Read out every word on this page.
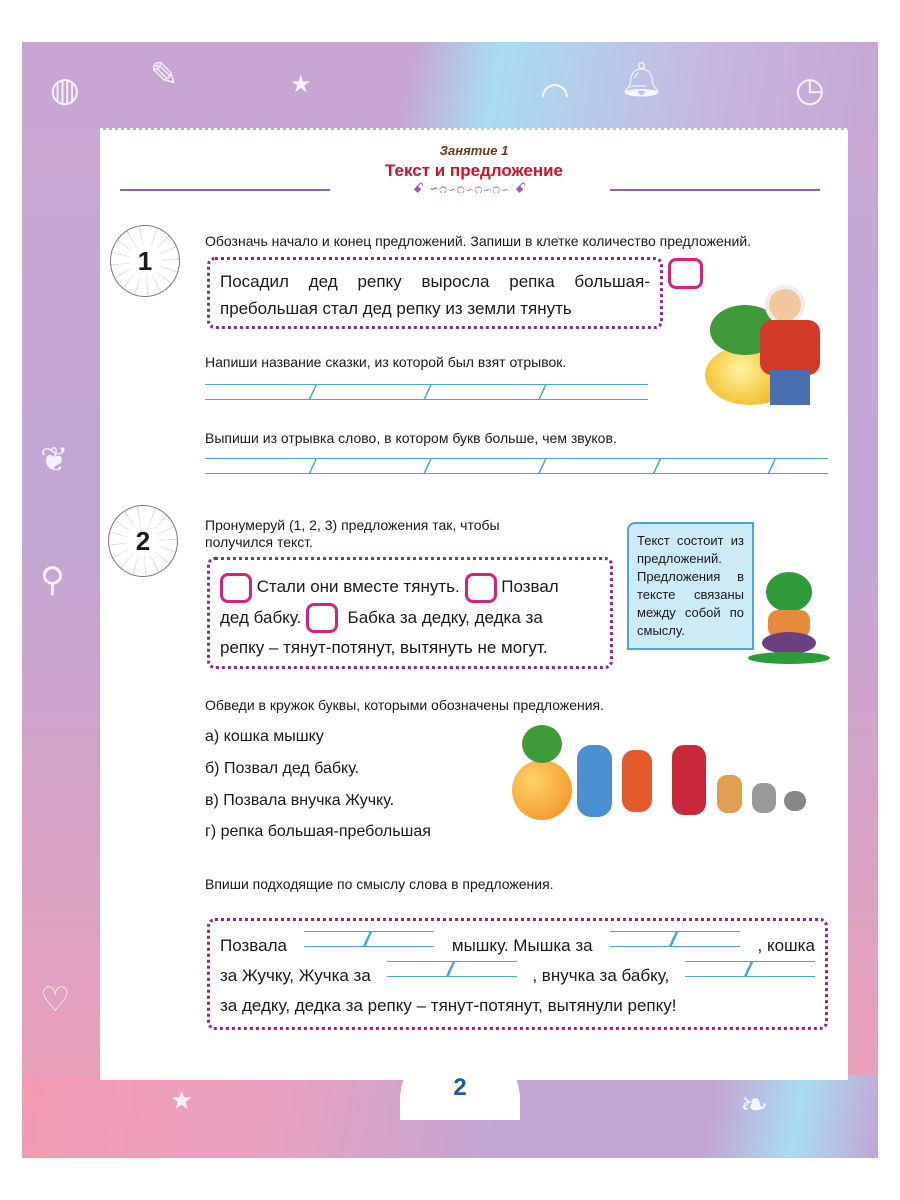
◍ ✎	★	◠ 🔔︎	◷
❦
⚲
♡
★	❧
Занятие 1
Текст и предложение
ꗃ ∽೧∽೧∽೧∽೧∽ ꗃ
1
Обозначь начало и конец предложений. Запиши в клетке количество предложений.
Посадил дед репку выросла репка большая-
пребольшая стал дед репку из земли тянуть
Напиши название сказки, из которой был взят отрывок.
Выпиши из отрывка слово, в котором букв больше, чем звуков.
2
Пронумеруй (1, 2, 3) предложения так, чтобы
получился текст.
Стали они вместе тянуть. Позвал
дед бабку.	Бабка за дедку, дедка за
репку – тянут-потянут, вытянуть не могут.
Текст состоит из предложений. Предложения в тексте связаны между собой по смыслу.
Обведи в кружок буквы, которыми обозначены предложения.
а) кошка мышку
б) Позвал дед бабку.
в) Позвала внучка Жучку.
г) репка большая-пребольшая
Впиши подходящие по смыслу слова в предложения.
Позвала	мышку. Мышка за	, кошка
за Жучку, Жучка за	, внучка за бабку,
за дедку, дедка за репку – тянут-потянут, вытянули репку!
2
